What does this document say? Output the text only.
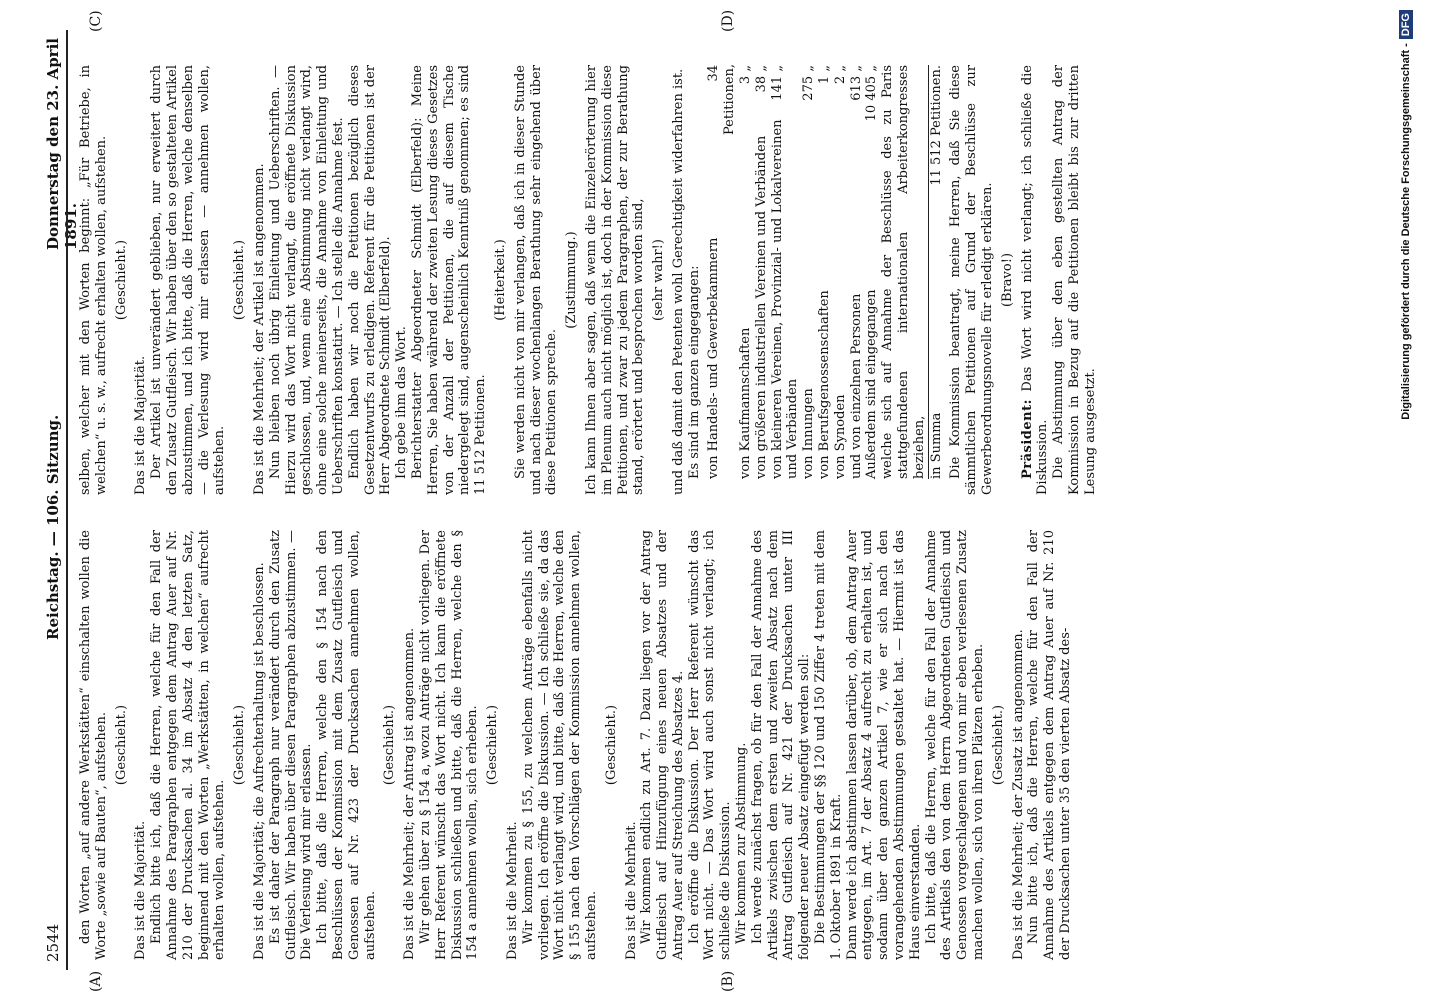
2544
Reichstag. — 106. Sitzung.
Donnerstag den 23. April 1891.
(A)	(B)
(C)	(D)

den Worten „auf andere Werkstätten“ einschalten wollen die Worte „sowie auf Bauten“, aufstehen. (Geschieht.)

Das ist die Majorität. Endlich bitte ich, daß die Herren, welche für den Fall der Annahme des Paragraphen entgegen dem Antrag Auer auf Nr. 210 der Drucksachen al. 34 im Absatz 4 den letzten Satz, beginnend mit den Worten „Werkstätten, in welchen“ aufrecht erhalten wollen, aufstehen.

(Geschieht.) Das ist die Majorität; die Aufrechterhaltung ist beschlossen. Es ist daher der Paragraph nur verändert durch den Zusatz Gutfleisch. Wir haben über diesen Paragraphen abzustimmen. — Die Verlesung wird mir erlassen. Ich bitte, daß die Herren, welche den § 154 nach den Beschlüssen der Kommission mit dem Zusatz Gutfleisch und Genossen auf Nr. 423 der Drucksachen annehmen wollen, aufstehen.

(Geschieht.) Das ist die Mehrheit; der Antrag ist angenommen. Wir gehen über zu § 154 a, wozu Anträge nicht vorliegen. Der Herr Referent wünscht das Wort nicht. Ich kann die eröffnete Diskussion schließen und bitte, daß die Herren, welche den § 154 a annehmen wollen, sich erheben. (Geschieht.)

Das ist die Mehrheit. Wir kommen zu § 155, zu welchem Anträge ebenfalls nicht vorliegen. Ich eröffne die Diskussion. — Ich schließe sie, da das Wort nicht verlangt wird, und bitte, daß die Herren, welche den § 155 nach den Vorschlägen der Kommission annehmen wollen, aufstehen.

(Geschieht.)

Das ist die Mehrheit. Wir kommen endlich zu Art. 7. Dazu liegen vor der Antrag Gutfleisch auf Hinzufügung eines neuen Absatzes und der Antrag Auer auf Streichung des Absatzes 4. Ich eröffne die Diskussion. Der Herr Referent wünscht das Wort nicht. — Das Wort wird auch sonst nicht verlangt; ich schließe die Diskussion. Wir kommen zur Abstimmung. Ich werde zunächst fragen, ob für den Fall der Annahme des Artikels zwischen dem ersten und zweiten Absatz nach dem Antrag Gutfleisch auf Nr. 421 der Drucksachen unter III folgender neuer Absatz eingefügt werden soll: Die Bestimmungen der §§ 120 und 150 Ziffer 4 treten mit dem 1. Oktober 1891 in Kraft. Dann werde ich abstimmen lassen darüber, ob, dem Antrag Auer entgegen, im Art. 7 der Absatz 4 aufrecht zu erhalten ist, und sodann über den ganzen Artikel 7, wie er sich nach den vorangehenden Abstimmungen gestaltet hat. — Hiermit ist das Haus einverstanden. Ich bitte, daß die Herren, welche für den Fall der Annahme des Artikels den von dem Herrn Abgeordneten Gutfleisch und Genossen vorgeschlagenen und von mir eben verlesenen Zusatz machen wollen, sich von ihren Plätzen erheben. (Geschieht.) Das ist die Mehrheit; der Zusatz ist angenommen. Nun bitte ich, daß die Herren, welche für den Fall der Annahme des Artikels entgegen dem Antrag Auer auf Nr. 210 der Drucksachen unter 35 den vierten Absatz des-

selben, welcher mit den Worten beginnt: „Für Betriebe, in welchen“ u. s. w., aufrecht erhalten wollen, aufstehen. (Geschieht.)

Das ist die Majorität. Der Artikel ist unverändert geblieben, nur erweitert durch den Zusatz Gutfleisch. Wir haben über den so gestalteten Artikel abzustimmen, und ich bitte, daß die Herren, welche denselben — die Verlesung wird mir erlassen — annehmen wollen, aufstehen.

(Geschieht.) Das ist die Mehrheit; der Artikel ist angenommen. Nun bleiben noch übrig Einleitung und Ueberschriften. — Hierzu wird das Wort nicht verlangt, die eröffnete Diskussion geschlossen, und, wenn eine Abstimmung nicht verlangt wird, ohne eine solche meinerseits, die Annahme von Einleitung und Ueberschriften konstatirt. — Ich stelle die Annahme fest. Endlich haben wir noch die Petitionen bezüglich dieses Gesetzentwurfs zu erledigen. Referent für die Petitionen ist der Herr Abgeordnete Schmidt (Elberfeld). Ich gebe ihm das Wort. Berichterstatter Abgeordneter Schmidt (Elberfeld): Meine Herren, Sie haben während der zweiten Lesung dieses Gesetzes von der Anzahl der Petitionen, die auf diesem Tische niedergelegt sind, augenscheinlich Kenntniß genommen; es sind 11 512 Petitionen.

(Heiterkeit.) Sie werden nicht von mir verlangen, daß ich in dieser Stunde und nach dieser wochenlangen Berathung sehr eingehend über diese Petitionen spreche.

(Zustimmung.) Ich kann Ihnen aber sagen, daß wenn die Einzelerörterung hier im Plenum auch nicht möglich ist, doch in der Kommission diese Petitionen, und zwar zu jedem Paragraphen, der zur Berathung stand, erörtert und besprochen worden sind, (sehr wahr!) und daß damit den Petenten wohl Gerechtigkeit widerfahren ist. Es sind im ganzen eingegangen: von Handels- und Gewerbekammern
34 Petitionen,
von Kaufmannschaften
3 „
von größeren industriellen Vereinen und Verbänden
38 „
von kleineren Vereinen, Provinzial- und Lokalvereinen und Verbänden
141 „
von Innungen
275 „
von Berufsgenossenschaften
1 „
von Synoden
2 „
und von einzelnen Personen
613 „
Außerdem sind eingegangen
10 405 „ welche sich auf Annahme der Beschlüsse des zu Paris stattgefundenen internationalen Arbeiterkongresses beziehen, in Summa
11 512 Petitionen. Die Kommission beantragt, meine Herren, daß Sie diese sämmtlichen Petitionen auf Grund der Beschlüsse zur Gewerbeordnungsnovelle für erledigt erklären. (Bravo!)

Präsident: Das Wort wird nicht verlangt; ich schließe die Diskussion. Die Abstimmung über den eben gestellten Antrag der Kommission in Bezug auf die Petitionen bleibt bis zur dritten Lesung ausgesetzt.

Digitalisierung gefördert durch die Deutsche Forschungsgemeinschaft -DFG
